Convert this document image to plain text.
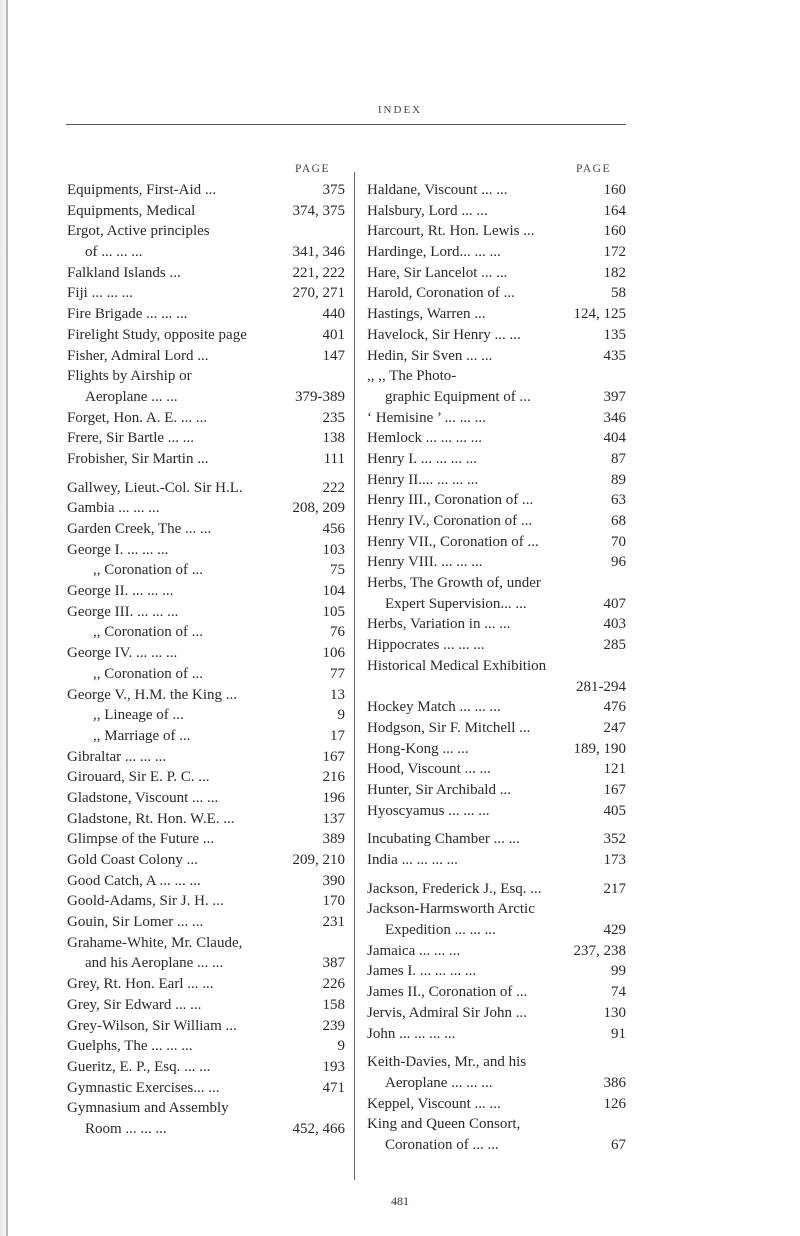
INDEX
PAGE	PAGE
Equipments, First-Aid ...	375
Equipments, Medical	374, 375
Ergot, Active principles
of ... ... ...	341, 346
Falkland Islands ...	221, 222
Fiji ... ... ...	270, 271
Fire Brigade ... ... ...	440
Firelight Study, opposite page	401
Fisher, Admiral Lord ...	147
Flights by Airship or
Aeroplane ... ...	379-389
Forget, Hon. A. E. ... ...	235
Frere, Sir Bartle ... ...	138
Frobisher, Sir Martin ...	111
Gallwey, Lieut.-Col. Sir H.L.	222
Gambia ... ... ...	208, 209
Garden Creek, The ... ...	456
George I. ... ... ...	103
,, Coronation of ...	75
George II. ... ... ...	104
George III. ... ... ...	105
,, Coronation of ...	76
George IV. ... ... ...	106
,, Coronation of ...	77
George V., H.M. the King ...	13
,, Lineage of ...	9
,, Marriage of ...	17
Gibraltar ... ... ...	167
Girouard, Sir E. P. C. ...	216
Gladstone, Viscount ... ...	196
Gladstone, Rt. Hon. W.E. ...	137
Glimpse of the Future ...	389
Gold Coast Colony ...	209, 210
Good Catch, A ... ... ...	390
Goold-Adams, Sir J. H. ...	170
Gouin, Sir Lomer ... ...	231
Grahame-White, Mr. Claude,
and his Aeroplane ... ...	387
Grey, Rt. Hon. Earl ... ...	226
Grey, Sir Edward ... ...	158
Grey-Wilson, Sir William ...	239
Guelphs, The ... ... ...	9
Gueritz, E. P., Esq. ... ...	193
Gymnastic Exercises... ...	471
Gymnasium and Assembly
Room ... ... ...	452, 466
Haldane, Viscount ... ...	160
Halsbury, Lord ... ...	164
Harcourt, Rt. Hon. Lewis ...	160
Hardinge, Lord... ... ...	172
Hare, Sir Lancelot ... ...	182
Harold, Coronation of ...	58
Hastings, Warren ...	124, 125
Havelock, Sir Henry ... ...	135
Hedin, Sir Sven ... ...	435
,, ,, The Photo-
graphic Equipment of ...	397
‘ Hemisine ’ ... ... ...	346
Hemlock ... ... ... ...	404
Henry I. ... ... ... ...	87
Henry II.... ... ... ...	89
Henry III., Coronation of ...	63
Henry IV., Coronation of ...	68
Henry VII., Coronation of ...	70
Henry VIII. ... ... ...	96
Herbs, The Growth of, under
Expert Supervision... ...	407
Herbs, Variation in ... ...	403
Hippocrates ... ... ...	285
Historical Medical Exhibition
281-294
Hockey Match ... ... ...	476
Hodgson, Sir F. Mitchell ...	247
Hong-Kong ... ...	189, 190
Hood, Viscount ... ...	121
Hunter, Sir Archibald ...	167
Hyoscyamus ... ... ...	405
Incubating Chamber ... ...	352
India ... ... ... ...	173
Jackson, Frederick J., Esq. ...	217
Jackson-Harmsworth Arctic
Expedition ... ... ...	429
Jamaica ... ... ...	237, 238
James I. ... ... ... ...	99
James II., Coronation of ...	74
Jervis, Admiral Sir John ...	130
John ... ... ... ...	91
Keith-Davies, Mr., and his
Aeroplane ... ... ...	386
Keppel, Viscount ... ...	126
King and Queen Consort,
Coronation of ... ...	67
481
